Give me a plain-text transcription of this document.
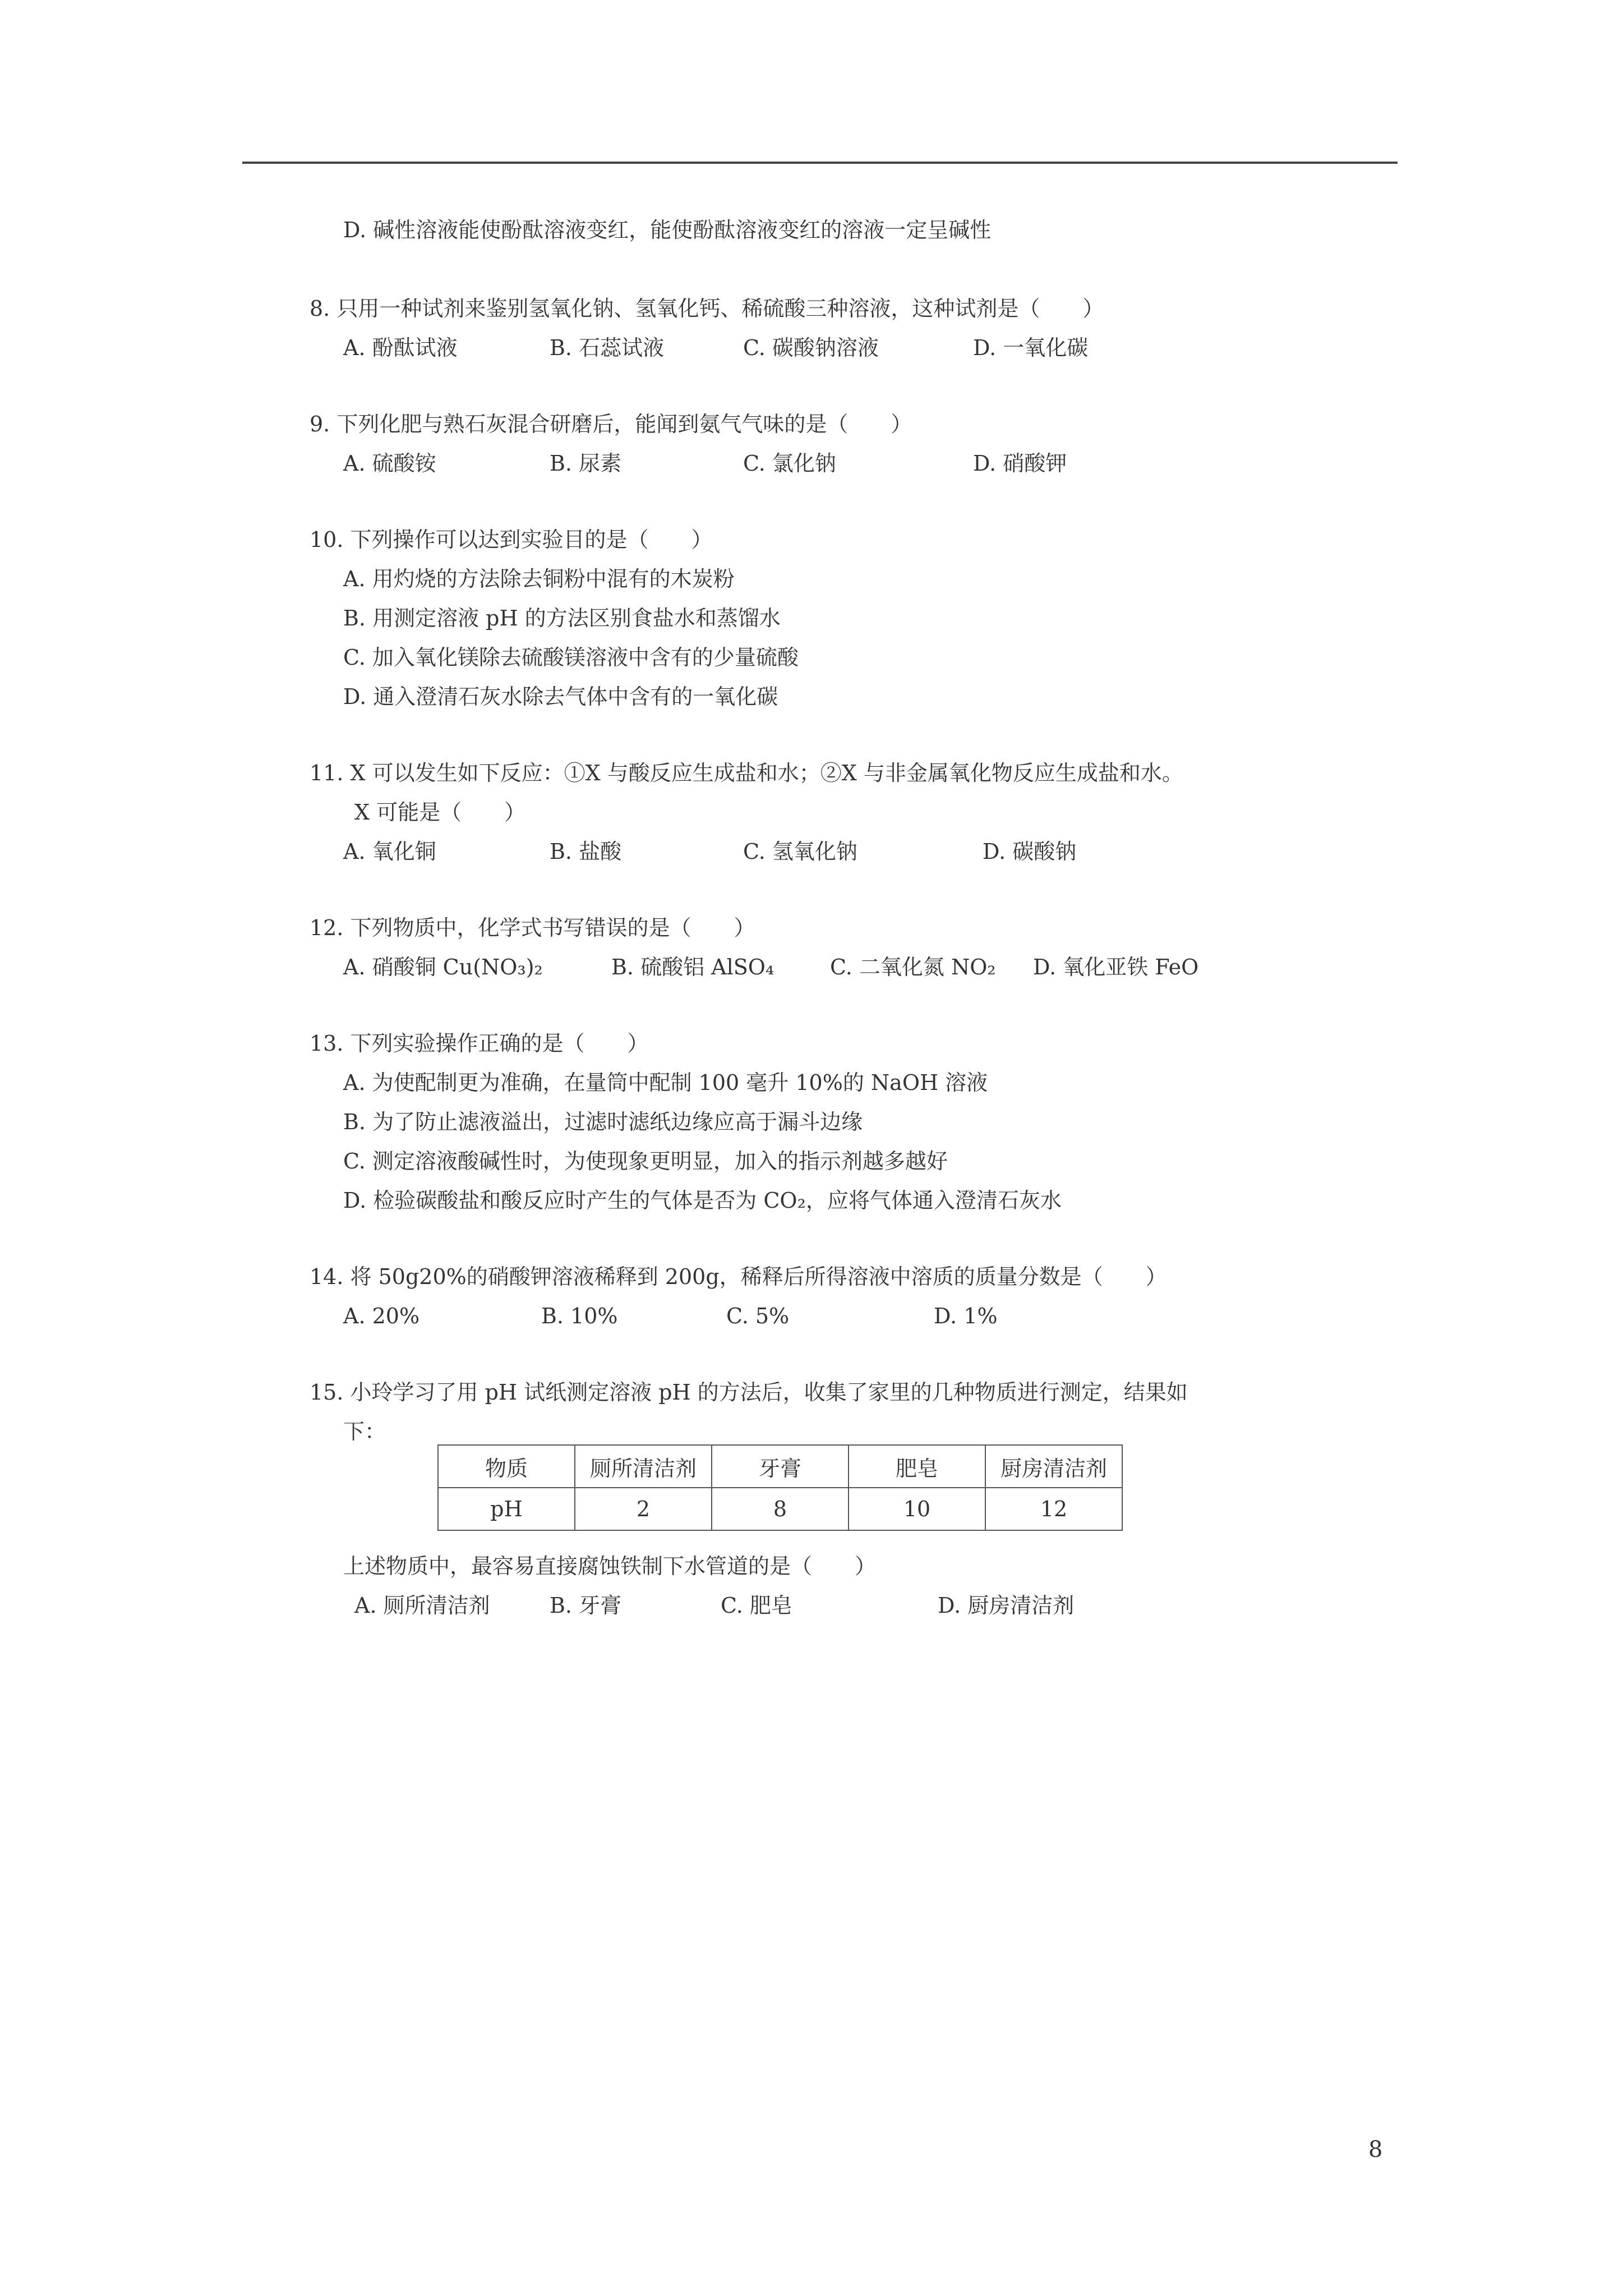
D. 碱性溶液能使酚酞溶液变红，能使酚酞溶液变红的溶液一定呈碱性
8. 只用一种试剂来鉴别氢氧化钠、氢氧化钙、稀硫酸三种溶液，这种试剂是（　　）
A. 酚酞试液	B. 石蕊试液	C. 碳酸钠溶液	D. 一氧化碳
9. 下列化肥与熟石灰混合研磨后，能闻到氨气气味的是（　　）
A. 硫酸铵	B. 尿素	C. 氯化钠	D. 硝酸钾
10. 下列操作可以达到实验目的是（　　）
A. 用灼烧的方法除去铜粉中混有的木炭粉
B. 用测定溶液 pH 的方法区别食盐水和蒸馏水
C. 加入氧化镁除去硫酸镁溶液中含有的少量硫酸
D. 通入澄清石灰水除去气体中含有的一氧化碳
11. X 可以发生如下反应：①X 与酸反应生成盐和水；②X 与非金属氧化物反应生成盐和水。
X 可能是（　　）
A. 氧化铜	B. 盐酸	C. 氢氧化钠	D. 碳酸钠
12. 下列物质中，化学式书写错误的是（　　）
A. 硝酸铜 Cu(NO₃)₂	B. 硫酸铝 AlSO₄	C. 二氧化氮 NO₂ D. 氧化亚铁 FeO
13. 下列实验操作正确的是（　　）
A. 为使配制更为准确，在量筒中配制 100 毫升 10%的 NaOH 溶液
B. 为了防止滤液溢出，过滤时滤纸边缘应高于漏斗边缘
C. 测定溶液酸碱性时，为使现象更明显，加入的指示剂越多越好
D. 检验碳酸盐和酸反应时产生的气体是否为 CO₂，应将气体通入澄清石灰水
14. 将 50g20%的硝酸钾溶液稀释到 200g，稀释后所得溶液中溶质的质量分数是（　　）
A. 20%	B. 10%	C. 5%	D. 1%
15. 小玲学习了用 pH 试纸测定溶液 pH 的方法后，收集了家里的几种物质进行测定，结果如
下：
物质	厕所清洁剂	牙膏	肥皂	厨房清洁剂
pH	2	8	10	12
上述物质中，最容易直接腐蚀铁制下水管道的是（　　）
A. 厕所清洁剂	B. 牙膏	C. 肥皂	D. 厨房清洁剂
8
